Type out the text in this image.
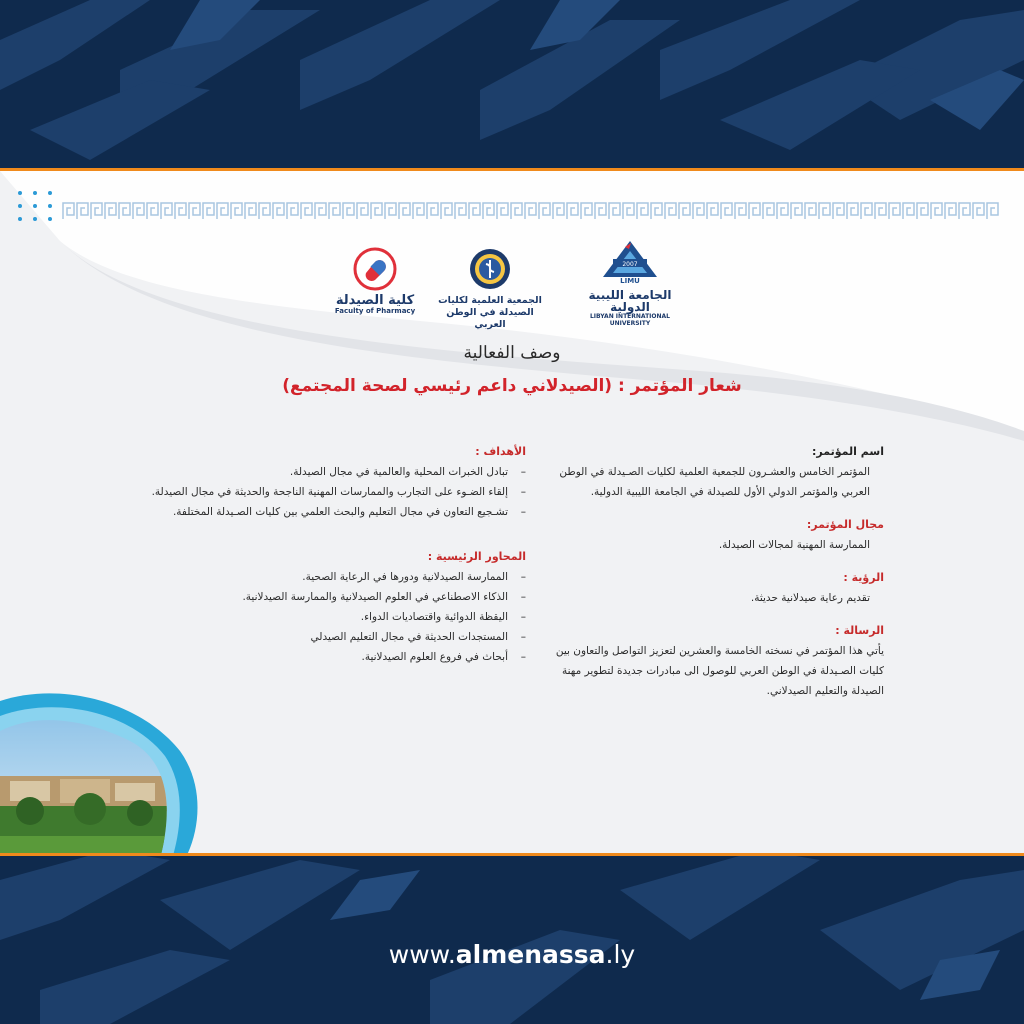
كلية الصيدلة
Faculty of Pharmacy
الجمعية العلمية لكليات
الصيدلة في الوطن العربي
2007
LIMU
الجامعة الليبية الدولية
LIBYAN INTERNATIONAL UNIVERSITY
وصف الفعالية
شعار المؤتمر : (الصيدلاني داعم رئيسي لصحة المجتمع)

اسم المؤتمر:

المؤتمر الخامس والعشـرون للجمعية العلمية لكليات الصـيدلة في الوطن العربي والمؤتمر الدولي الأول للصيدلة في الجامعة الليبية الدولية.

مجال المؤتمر:

الممارسة المهنية لمجالات الصيدلة.

الرؤية :

تقديم رعاية صيدلانية حديثة.

الرسالة :

يأتي هذا المؤتمر في نسخته الخامسة والعشرين لتعزيز التواصل والتعاون بين كليات الصـيدلة في الوطن العربي للوصول الى مبادرات جديدة لتطوير مهنة الصيدلة والتعليم الصيدلاني.

الأهداف :

– تبادل الخبرات المحلية والعالمية في مجال الصيدلة.
– إلقاء الضـوء على التجارب والممارسات المهنية الناجحة والحديثة في مجال الصيدلة.
– تشـجيع التعاون في مجال التعليم والبحث العلمي بين كليات الصـيدلة المختلفة.

المحاور الرئيسية :

– الممارسة الصيدلانية ودورها في الرعاية الصحية.
– الذكاء الاصطناعي في العلوم الصيدلانية والممارسة الصيدلانية.
– اليقظة الدوائية واقتصاديات الدواء.
– المستجدات الحديثة في مجال التعليم الصيدلي
– أبحاث في فروع العلوم الصيدلانية.
www.almenassa.ly
